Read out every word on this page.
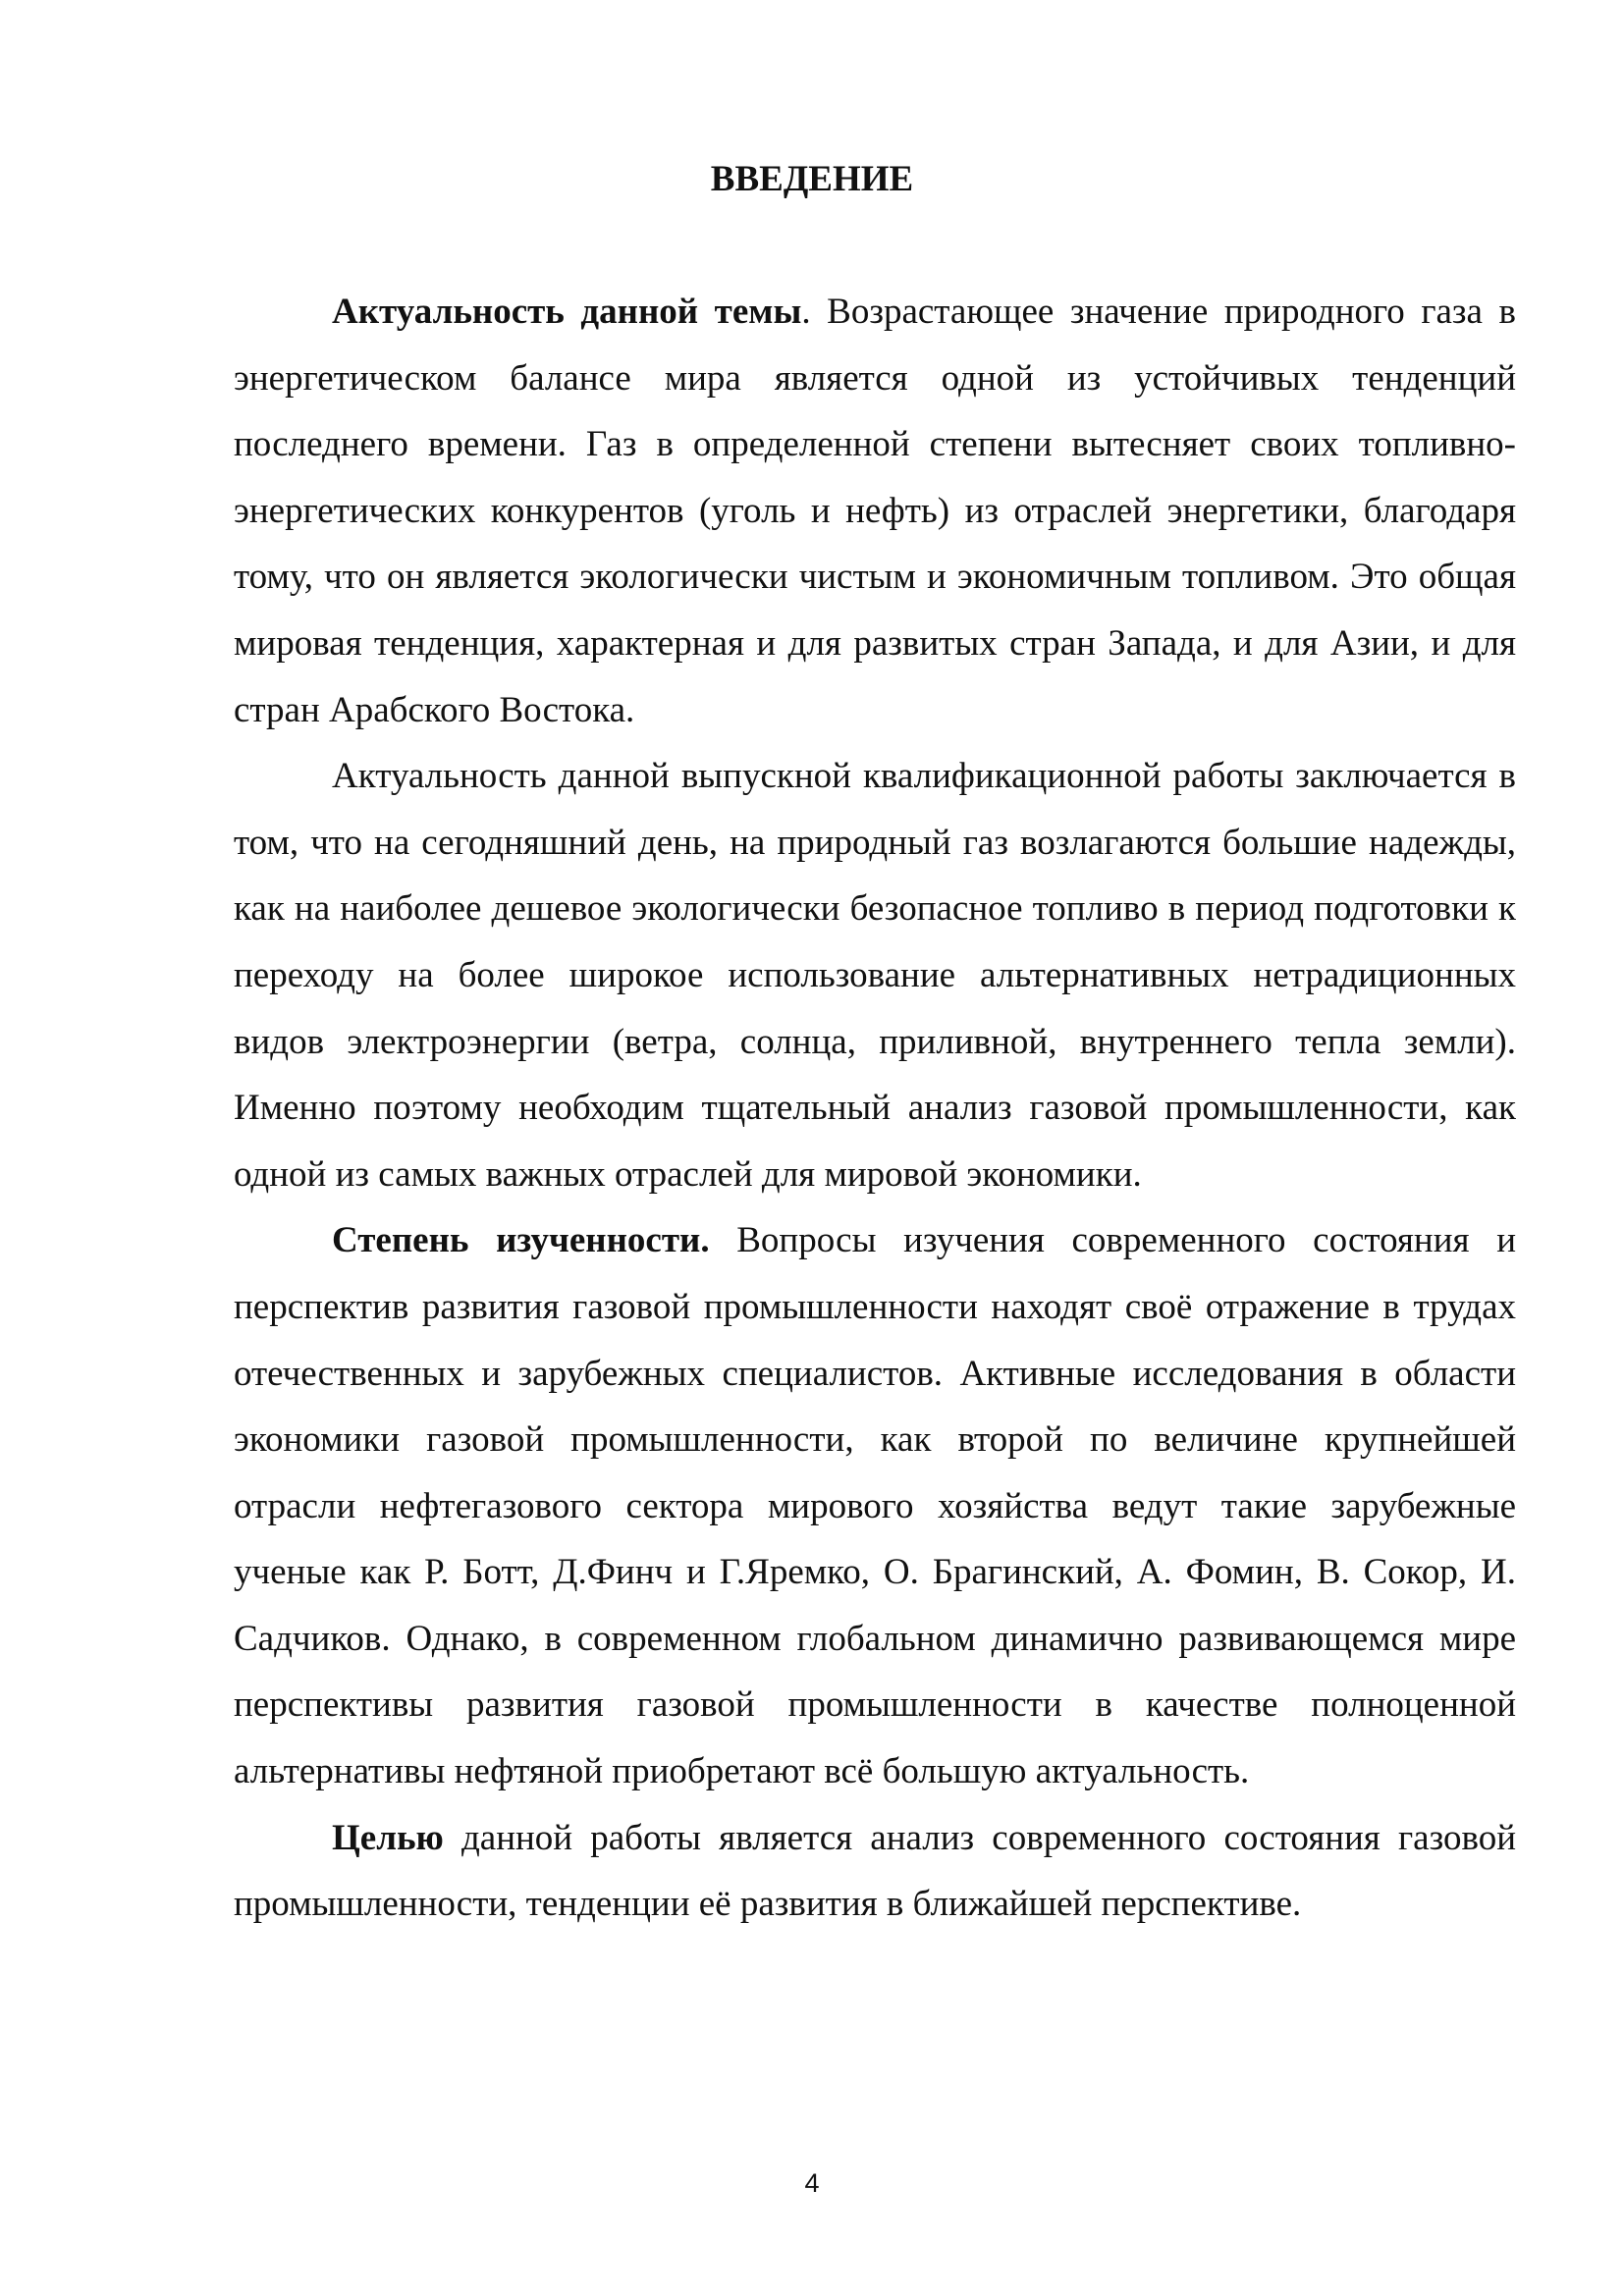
ВВЕДЕНИЕ

Актуальность данной темы. Возрастающее значение природного газа в энергетическом балансе мира является одной из устойчивых тенденций последнего времени. Газ в определенной степени вытесняет своих топливно-энергетических конкурентов (уголь и нефть) из отраслей энергетики, благодаря тому, что он является экологически чистым и экономичным топливом. Это общая мировая тенденция, характерная и для развитых стран Запада, и для Азии, и для стран Арабского Востока.

Актуальность данной выпускной квалификационной работы заключается в том, что на сегодняшний день, на природный газ возлагаются большие надежды, как на наиболее дешевое экологически безопасное топливо в период подготовки к переходу на более широкое использование альтернативных нетрадиционных видов электроэнергии (ветра, солнца, приливной, внутреннего тепла земли). Именно поэтому необходим тщательный анализ газовой промышленности, как одной из самых важных отраслей для мировой экономики.

Степень изученности. Вопросы изучения современного состояния и перспектив развития газовой промышленности находят своё отражение в трудах отечественных и зарубежных специалистов. Активные исследования в области экономики газовой промышленности, как второй по величине крупнейшей отрасли нефтегазового сектора мирового хозяйства ведут такие зарубежные ученые как Р. Ботт, Д.Финч и Г.Яремко, О. Брагинский, А. Фомин, В. Сокор, И. Садчиков. Однако, в современном глобальном динамично развивающемся мире перспективы развития газовой промышленности в качестве полноценной альтернативы нефтяной приобретают всё большую актуальность.

Целью данной работы является анализ современного состояния газовой промышленности, тенденции её развития в ближайшей перспективе.

4
